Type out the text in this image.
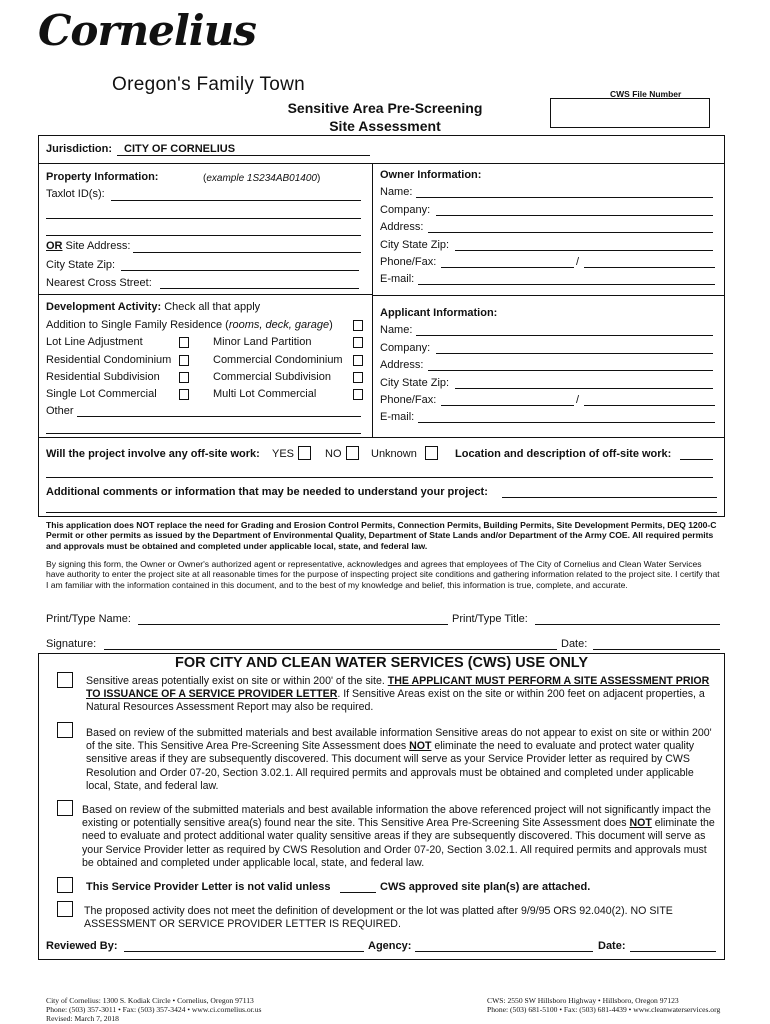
Cornelius
Oregon's Family Town	CWS File Number
Sensitive Area Pre-Screening
Site Assessment
Jurisdiction: CITY OF CORNELIUS
Property Information:	(example 1S234AB01400)
Taxlot ID(s):
OR Site Address:
City State Zip:
Nearest Cross Street:
Owner Information:
Name:
Company:
Address:
City State Zip:
Phone/Fax:	/
E-mail:
Development Activity: Check all that apply
Addition to Single Family Residence (rooms, deck, garage)
Lot Line Adjustment	Minor Land Partition
Residential Condominium	Commercial Condominium
Residential Subdivision	Commercial Subdivision
Single Lot Commercial	Multi Lot Commercial
Other
Applicant Information:
Name:
Company:
Address:
City State Zip:
Phone/Fax:	/
E-mail:
Will the project involve any off-site work: YES	NO	Unknown	Location and description of off-site work:
Additional comments or information that may be needed to understand your project:
This application does NOT replace the need for Grading and Erosion Control Permits, Connection Permits, Building Permits, Site Development Permits, DEQ 1200-C Permit or other permits as issued by the Department of Environmental Quality, Department of State Lands and/or Department of the Army COE. All required permits and approvals must be obtained and completed under applicable local, state, and federal law.
By signing this form, the Owner or Owner's authorized agent or representative, acknowledges and agrees that employees of The City of Cornelius and Clean Water Services have authority to enter the project site at all reasonable times for the purpose of inspecting project site conditions and gathering information related to the project site. I certify that I am familiar with the information contained in this document, and to the best of my knowledge and belief, this information is true, complete, and accurate.
Print/Type Name:	Print/Type Title:
Signature:	Date:
FOR CITY AND CLEAN WATER SERVICES (CWS) USE ONLY
Sensitive areas potentially exist on site or within 200' of the site. THE APPLICANT MUST PERFORM A SITE ASSESSMENT PRIOR TO ISSUANCE OF A SERVICE PROVIDER LETTER. If Sensitive Areas exist on the site or within 200 feet on adjacent properties, a Natural Resources Assessment Report may also be required.
Based on review of the submitted materials and best available information Sensitive areas do not appear to exist on site or within 200' of the site. This Sensitive Area Pre-Screening Site Assessment does NOT eliminate the need to evaluate and protect water quality sensitive areas if they are subsequently discovered. This document will serve as your Service Provider letter as required by CWS Resolution and Order 07-20, Section 3.02.1. All required permits and approvals must be obtained and completed under applicable local, State, and federal law.
Based on review of the submitted materials and best available information the above referenced project will not significantly impact the existing or potentially sensitive area(s) found near the site. This Sensitive Area Pre-Screening Site Assessment does NOT eliminate the need to evaluate and protect additional water quality sensitive areas if they are subsequently discovered. This document will serve as your Service Provider letter as required by CWS Resolution and Order 07-20, Section 3.02.1. All required permits and approvals must be obtained and completed under applicable local, state, and federal law.
This Service Provider Letter is not valid unless	CWS approved site plan(s) are attached.
The proposed activity does not meet the definition of development or the lot was platted after 9/9/95 ORS 92.040(2). NO SITE ASSESSMENT OR SERVICE PROVIDER LETTER IS REQUIRED.
Reviewed By:	Agency:	Date:
City of Cornelius: 1300 S. Kodiak Circle • Cornelius, Oregon 97113
Phone: (503) 357-3011 • Fax: (503) 357-3424 • www.ci.cornelius.or.us
Revised: March 7, 2018
CWS: 2550 SW Hillsboro Highway • Hillsboro, Oregon 97123
Phone: (503) 681-5100 • Fax: (503) 681-4439 • www.cleanwaterservices.org
